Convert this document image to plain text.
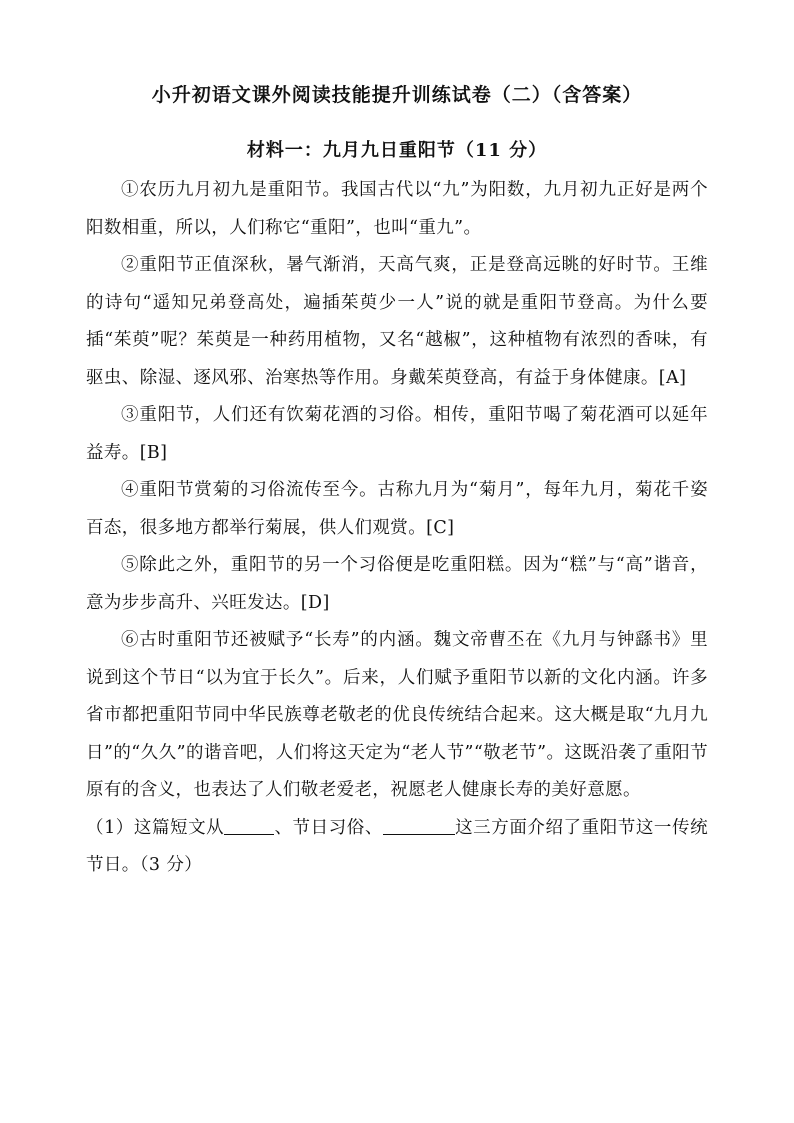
小升初语文课外阅读技能提升训练试卷（二）（含答案）
材料一：九月九日重阳节（11 分）

①农历九月初九是重阳节。我国古代以“九”为阳数，九月初九正好是两个阳数相重，所以，人们称它“重阳”，也叫“重九”。

②重阳节正值深秋，暑气渐消，天高气爽，正是登高远眺的好时节。王维的诗句“遥知兄弟登高处，遍插茱萸少一人”说的就是重阳节登高。为什么要插“茱萸”呢？茱萸是一种药用植物，又名“越椒”，这种植物有浓烈的香味，有驱虫、除湿、逐风邪、治寒热等作用。身戴茱萸登高，有益于身体健康。[A]

③重阳节，人们还有饮菊花酒的习俗。相传，重阳节喝了菊花酒可以延年益寿。[B]

④重阳节赏菊的习俗流传至今。古称九月为“菊月”，每年九月，菊花千姿百态，很多地方都举行菊展，供人们观赏。[C]

⑤除此之外，重阳节的另一个习俗便是吃重阳糕。因为“糕”与“高”谐音，意为步步高升、兴旺发达。[D]

⑥古时重阳节还被赋予“长寿”的内涵。魏文帝曹丕在《九月与钟繇书》里说到这个节日“以为宜于长久”。后来，人们赋予重阳节以新的文化内涵。许多省市都把重阳节同中华民族尊老敬老的优良传统结合起来。这大概是取“九月九日”的“久久”的谐音吧，人们将这天定为“老人节”“敬老节”。这既沿袭了重阳节原有的含义，也表达了人们敬老爱老，祝愿老人健康长寿的美好意愿。

（1）这篇短文从	、节日习俗、	这三方面介绍了重阳节这一传统节日。（3 分）
